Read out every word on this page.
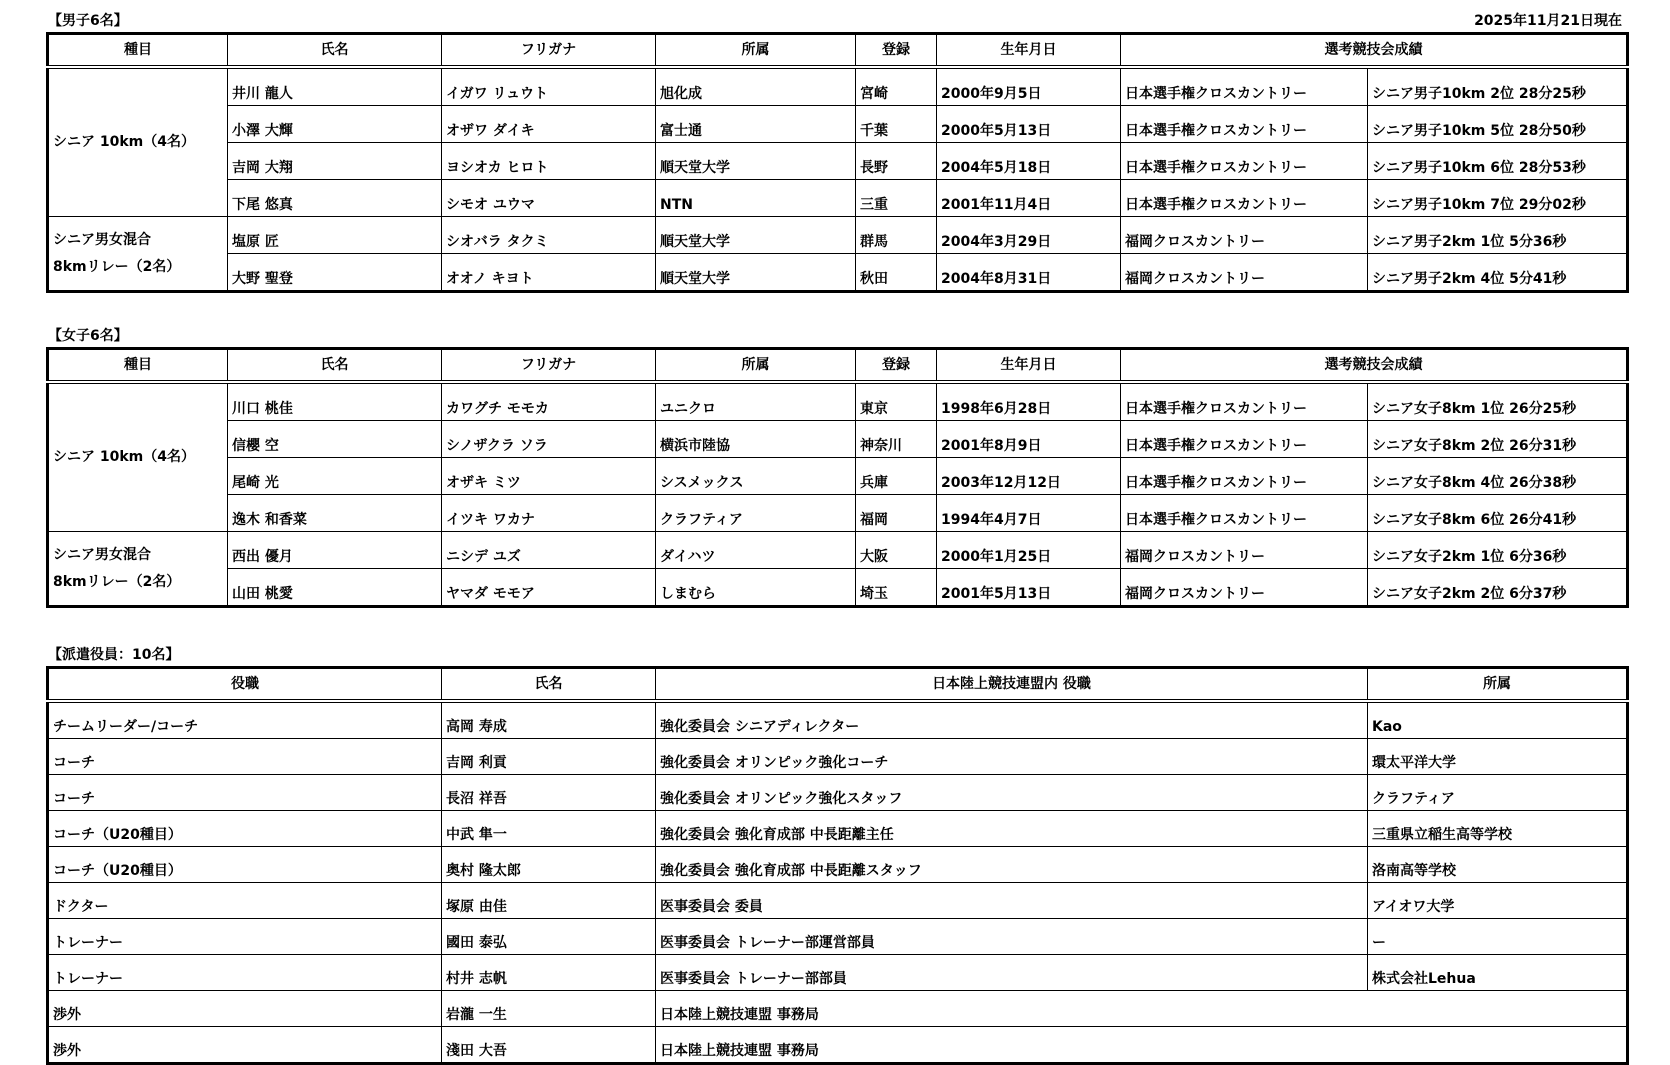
【男子6名】	2025年11月21日現在
種目	氏名	フリガナ	所属	登録	生年月日	選考競技会成績	
シニア 10km（4名）	井川 龍人	イガワ リュウト	旭化成	宮崎	2000年9月5日	日本選手権クロスカントリー	シニア男子10km 2位 28分25秒
	小澤 大輝	オザワ ダイキ	富士通	千葉	2000年5月13日	日本選手権クロスカントリー	シニア男子10km 5位 28分50秒
	吉岡 大翔	ヨシオカ ヒロト	順天堂大学	長野	2004年5月18日	日本選手権クロスカントリー	シニア男子10km 6位 28分53秒
	下尾 悠真	シモオ ユウマ	NTN	三重	2001年11月4日	日本選手権クロスカントリー	シニア男子10km 7位 29分02秒

シニア男女混合
8kmリレー（2名）	塩原 匠	シオバラ タクミ	順天堂大学	群馬	2004年3月29日	福岡クロスカントリー	シニア男子2km 1位 5分36秒
	大野 聖登	オオノ キヨト	順天堂大学	秋田	2004年8月31日	福岡クロスカントリー	シニア男子2km 4位 5分41秒
【女子6名】
種目	氏名	フリガナ	所属	登録	生年月日	選考競技会成績	
シニア 10km（4名）	川口 桃佳	カワグチ モモカ	ユニクロ	東京	1998年6月28日	日本選手権クロスカントリー	シニア女子8km 1位 26分25秒
	信櫻 空	シノザクラ ソラ	横浜市陸協	神奈川	2001年8月9日	日本選手権クロスカントリー	シニア女子8km 2位 26分31秒
	尾崎 光	オザキ ミツ	シスメックス	兵庫	2003年12月12日	日本選手権クロスカントリー	シニア女子8km 4位 26分38秒
	逸木 和香菜	イツキ ワカナ	クラフティア	福岡	1994年4月7日	日本選手権クロスカントリー	シニア女子8km 6位 26分41秒

シニア男女混合
8kmリレー（2名）	西出 優月	ニシデ ユズ	ダイハツ	大阪	2000年1月25日	福岡クロスカントリー	シニア女子2km 1位 6分36秒
	山田 桃愛	ヤマダ モモア	しまむら	埼玉	2001年5月13日	福岡クロスカントリー	シニア女子2km 2位 6分37秒
【派遣役員：10名】
役職	氏名	日本陸上競技連盟内 役職	所属
チームリーダー/コーチ	高岡 寿成	強化委員会 シニアディレクター	Kao
コーチ	吉岡 利貢	強化委員会 オリンピック強化コーチ	環太平洋大学
コーチ	長沼 祥吾	強化委員会 オリンピック強化スタッフ	クラフティア
コーチ（U20種目）	中武 隼一	強化委員会 強化育成部 中長距離主任	三重県立稲生高等学校
コーチ（U20種目）	奥村 隆太郎	強化委員会 強化育成部 中長距離スタッフ	洛南高等学校
ドクター	塚原 由佳	医事委員会 委員	アイオワ大学
トレーナー	國田 泰弘	医事委員会 トレーナー部運営部員	ー
トレーナー	村井 志帆	医事委員会 トレーナー部部員	株式会社Lehua
渉外	岩瀧 一生	日本陸上競技連盟 事務局	
渉外	淺田 大吾	日本陸上競技連盟 事務局	
